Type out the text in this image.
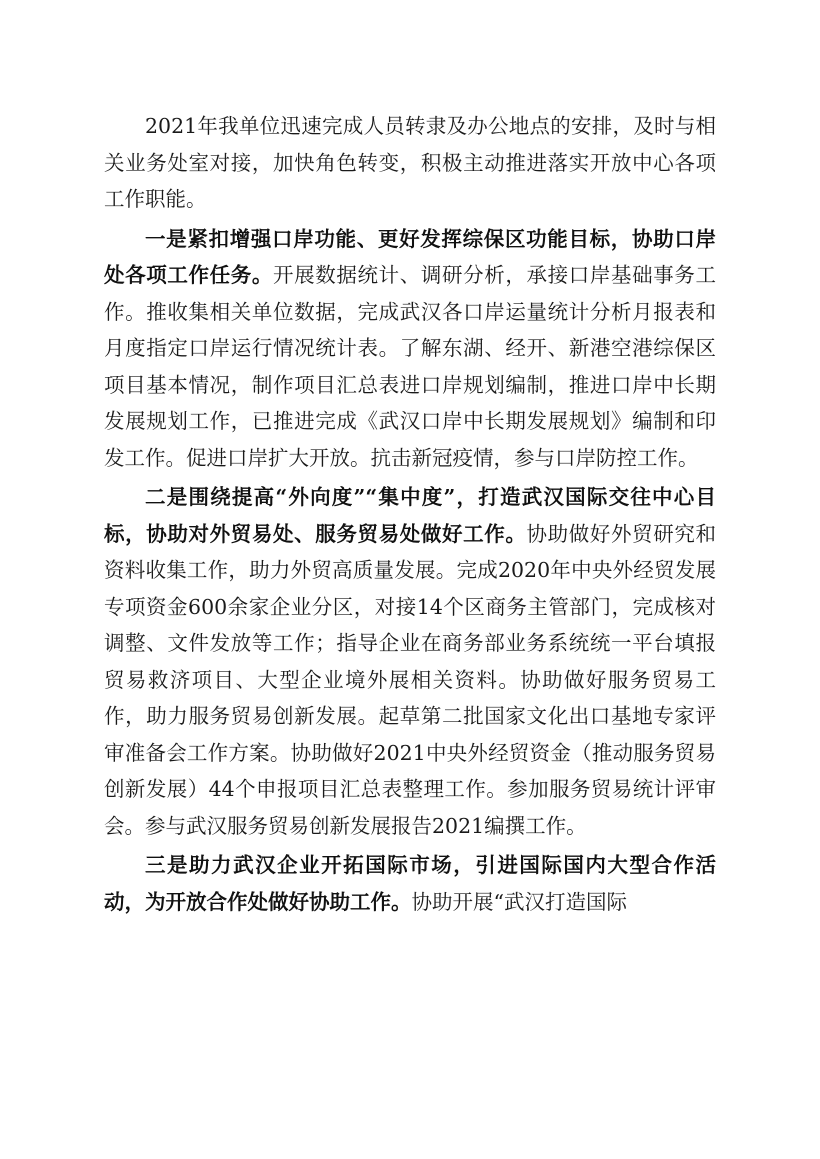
2021年我单位迅速完成人员转隶及办公地点的安排，及时与相关业务处室对接，加快角色转变，积极主动推进落实开放中心各项工作职能。

一是紧扣增强口岸功能、更好发挥综保区功能目标，协助口岸处各项工作任务。开展数据统计、调研分析，承接口岸基础事务工作。推收集相关单位数据，完成武汉各口岸运量统计分析月报表和月度指定口岸运行情况统计表。了解东湖、经开、新港空港综保区项目基本情况，制作项目汇总表进口岸规划编制，推进口岸中长期发展规划工作，已推进完成《武汉口岸中长期发展规划》编制和印发工作。促进口岸扩大开放。抗击新冠疫情，参与口岸防控工作。

二是围绕提高“外向度”“集中度”，打造武汉国际交往中心目标，协助对外贸易处、服务贸易处做好工作。协助做好外贸研究和资料收集工作，助力外贸高质量发展。完成2020年中央外经贸发展专项资金600余家企业分区，对接14个区商务主管部门，完成核对调整、文件发放等工作；指导企业在商务部业务系统统一平台填报贸易救济项目、大型企业境外展相关资料。协助做好服务贸易工作，助力服务贸易创新发展。起草第二批国家文化出口基地专家评审准备会工作方案。协助做好2021中央外经贸资金（推动服务贸易创新发展）44个申报项目汇总表整理工作。参加服务贸易统计评审会。参与武汉服务贸易创新发展报告2021编撰工作。

三是助力武汉企业开拓国际市场，引进国际国内大型合作活动，为开放合作处做好协助工作。协助开展“武汉打造国际
